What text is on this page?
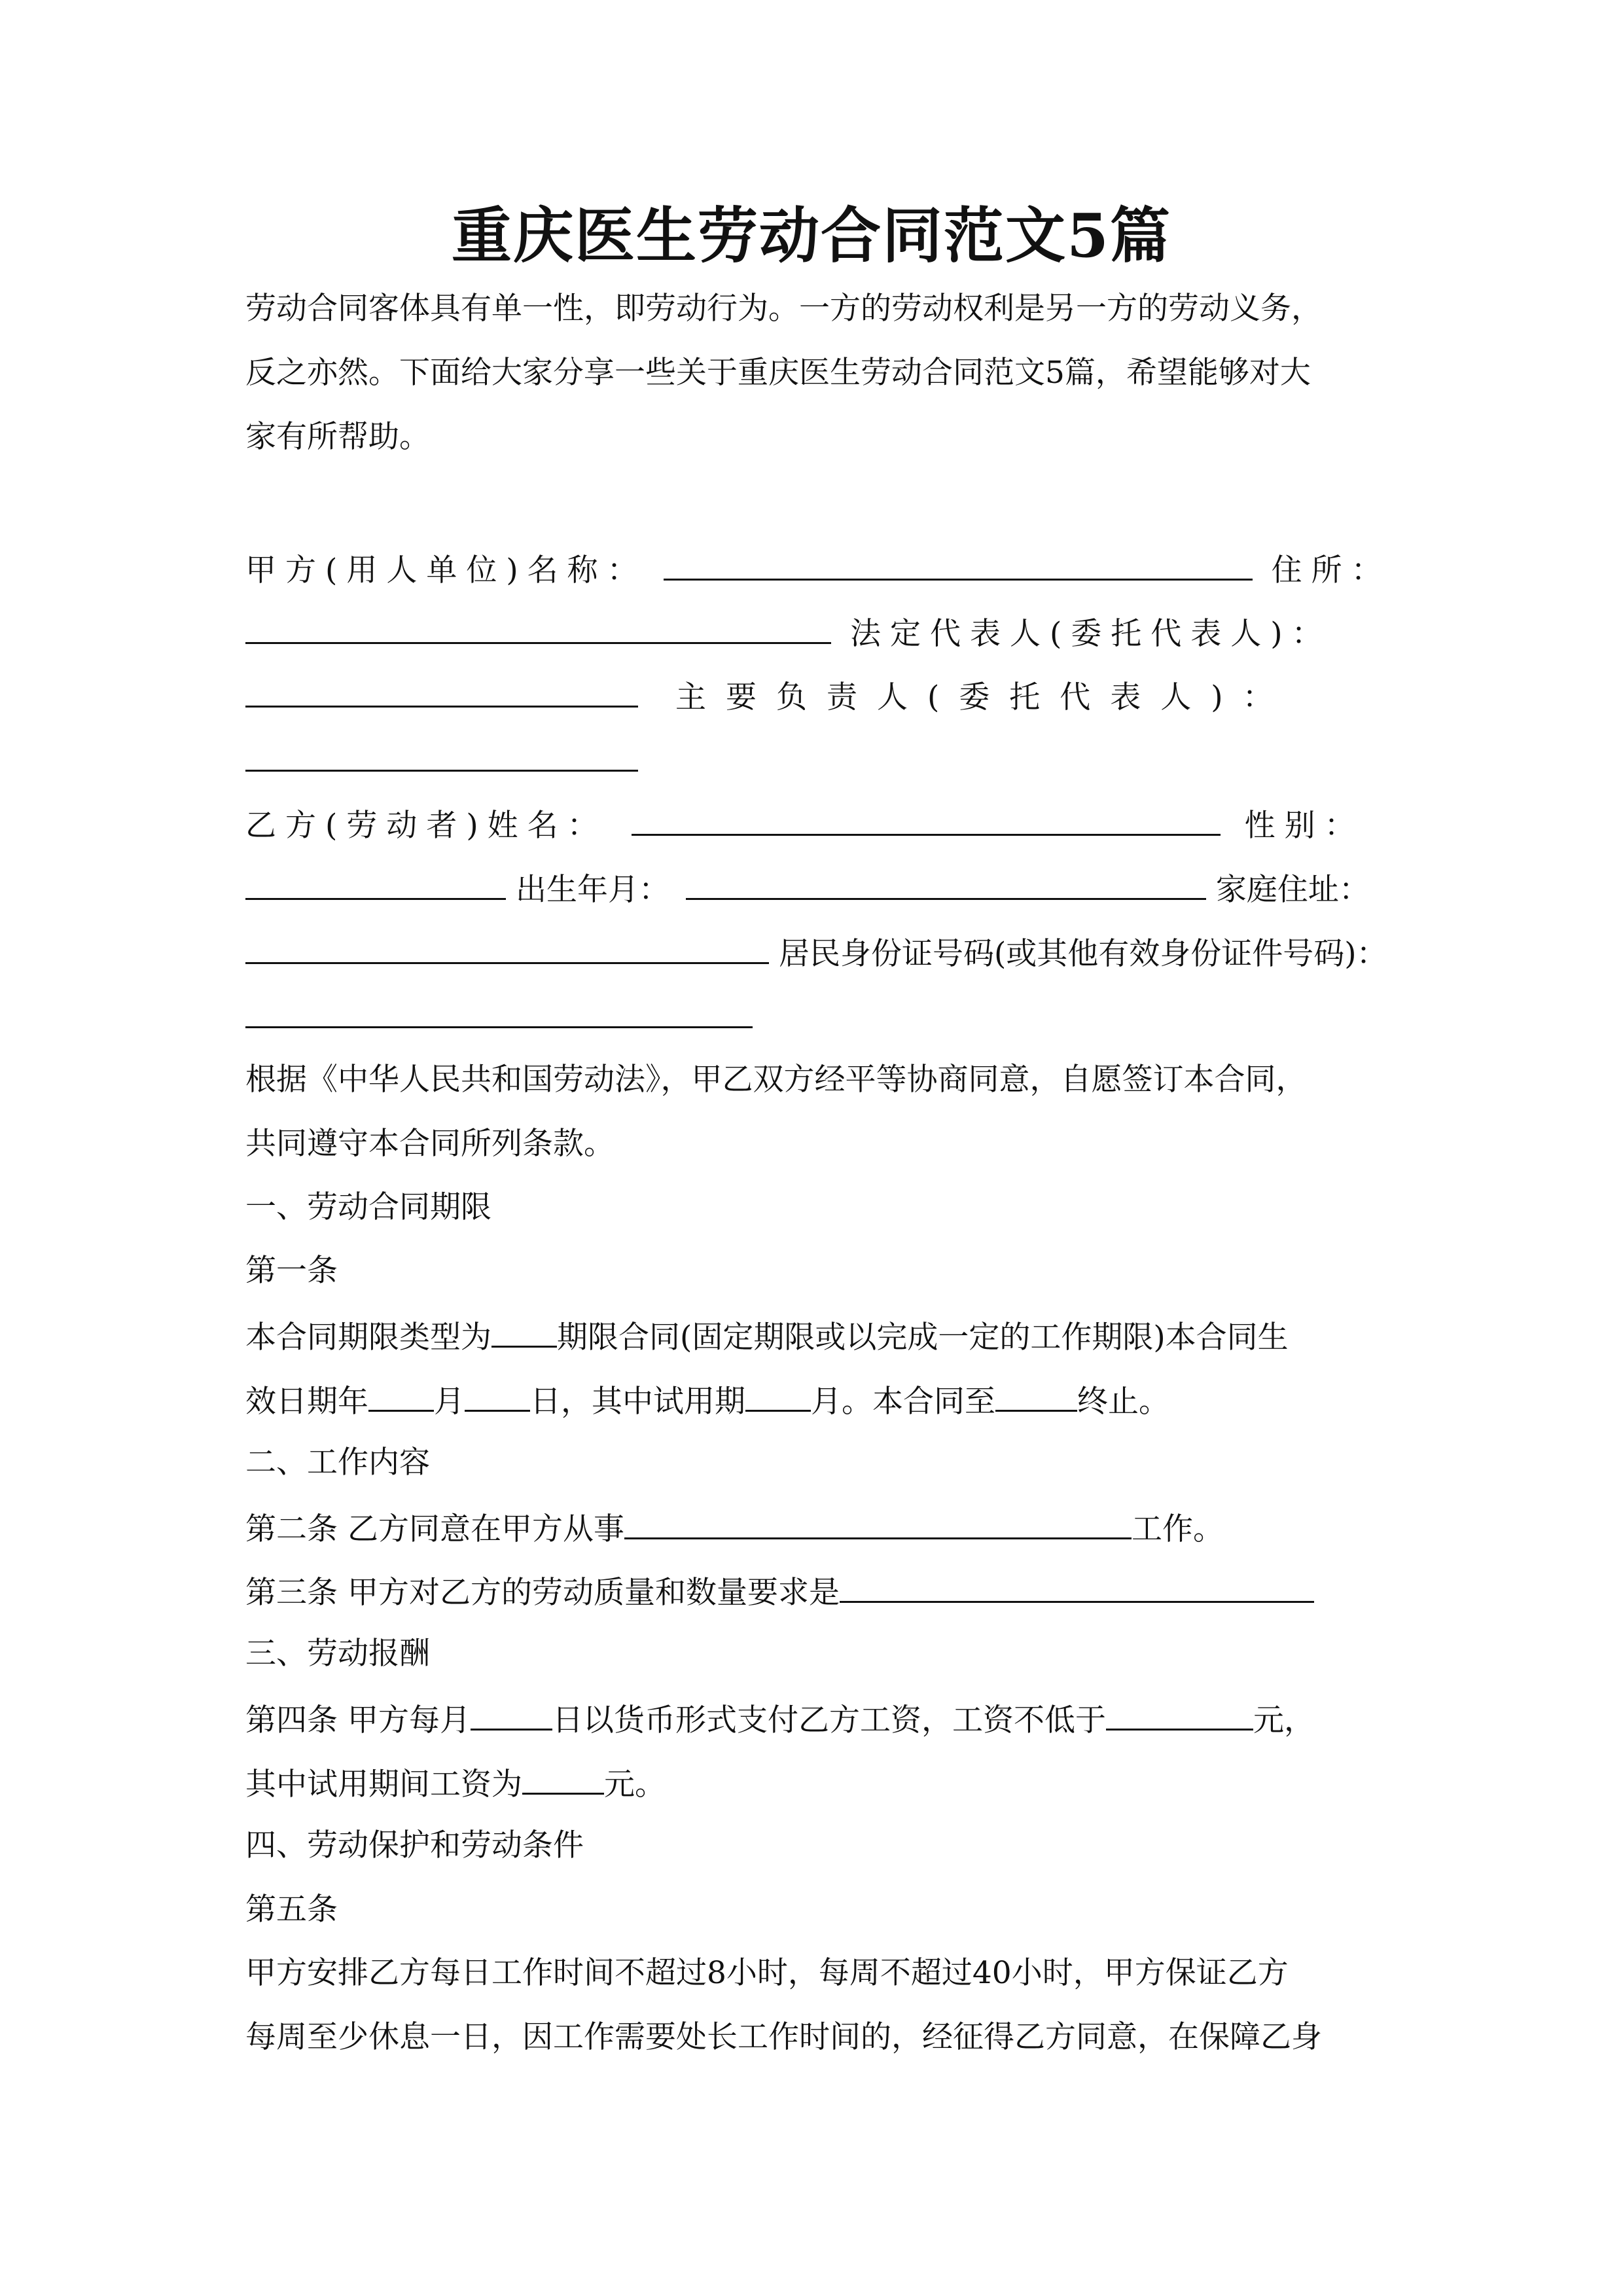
重庆医生劳动合同范文5篇
劳动合同客体具有单一性，即劳动行为。一方的劳动权利是另一方的劳动义务，
反之亦然。下面给大家分享一些关于重庆医生劳动合同范文5篇，希望能够对大
家有所帮助。
甲方(用人单位)名称：	住所：
法定代表人(委托代表人)：
主要负责人(委托代表人)：
乙方(劳动者)姓名：	性别：
出生年月：	家庭住址：
居民身份证号码(或其他有效身份证件号码)：
根据《中华人民共和国劳动法》，甲乙双方经平等协商同意，自愿签订本合同，
共同遵守本合同所列条款。
一、劳动合同期限
第一条
本合同期限类型为 期限合同(固定期限或以完成一定的工作期限)本合同生
效日期年 月 日，其中试用期 月。本合同至	终止。
二、工作内容
第二条 乙方同意在甲方从事	工作。
第三条 甲方对乙方的劳动质量和数量要求是
三、劳动报酬
第四条 甲方每月	日以货币形式支付乙方工资，工资不低于	元，
其中试用期间工资为	元。
四、劳动保护和劳动条件
第五条
甲方安排乙方每日工作时间不超过8小时，每周不超过40小时，甲方保证乙方
每周至少休息一日，因工作需要处长工作时间的，经征得乙方同意，在保障乙身
